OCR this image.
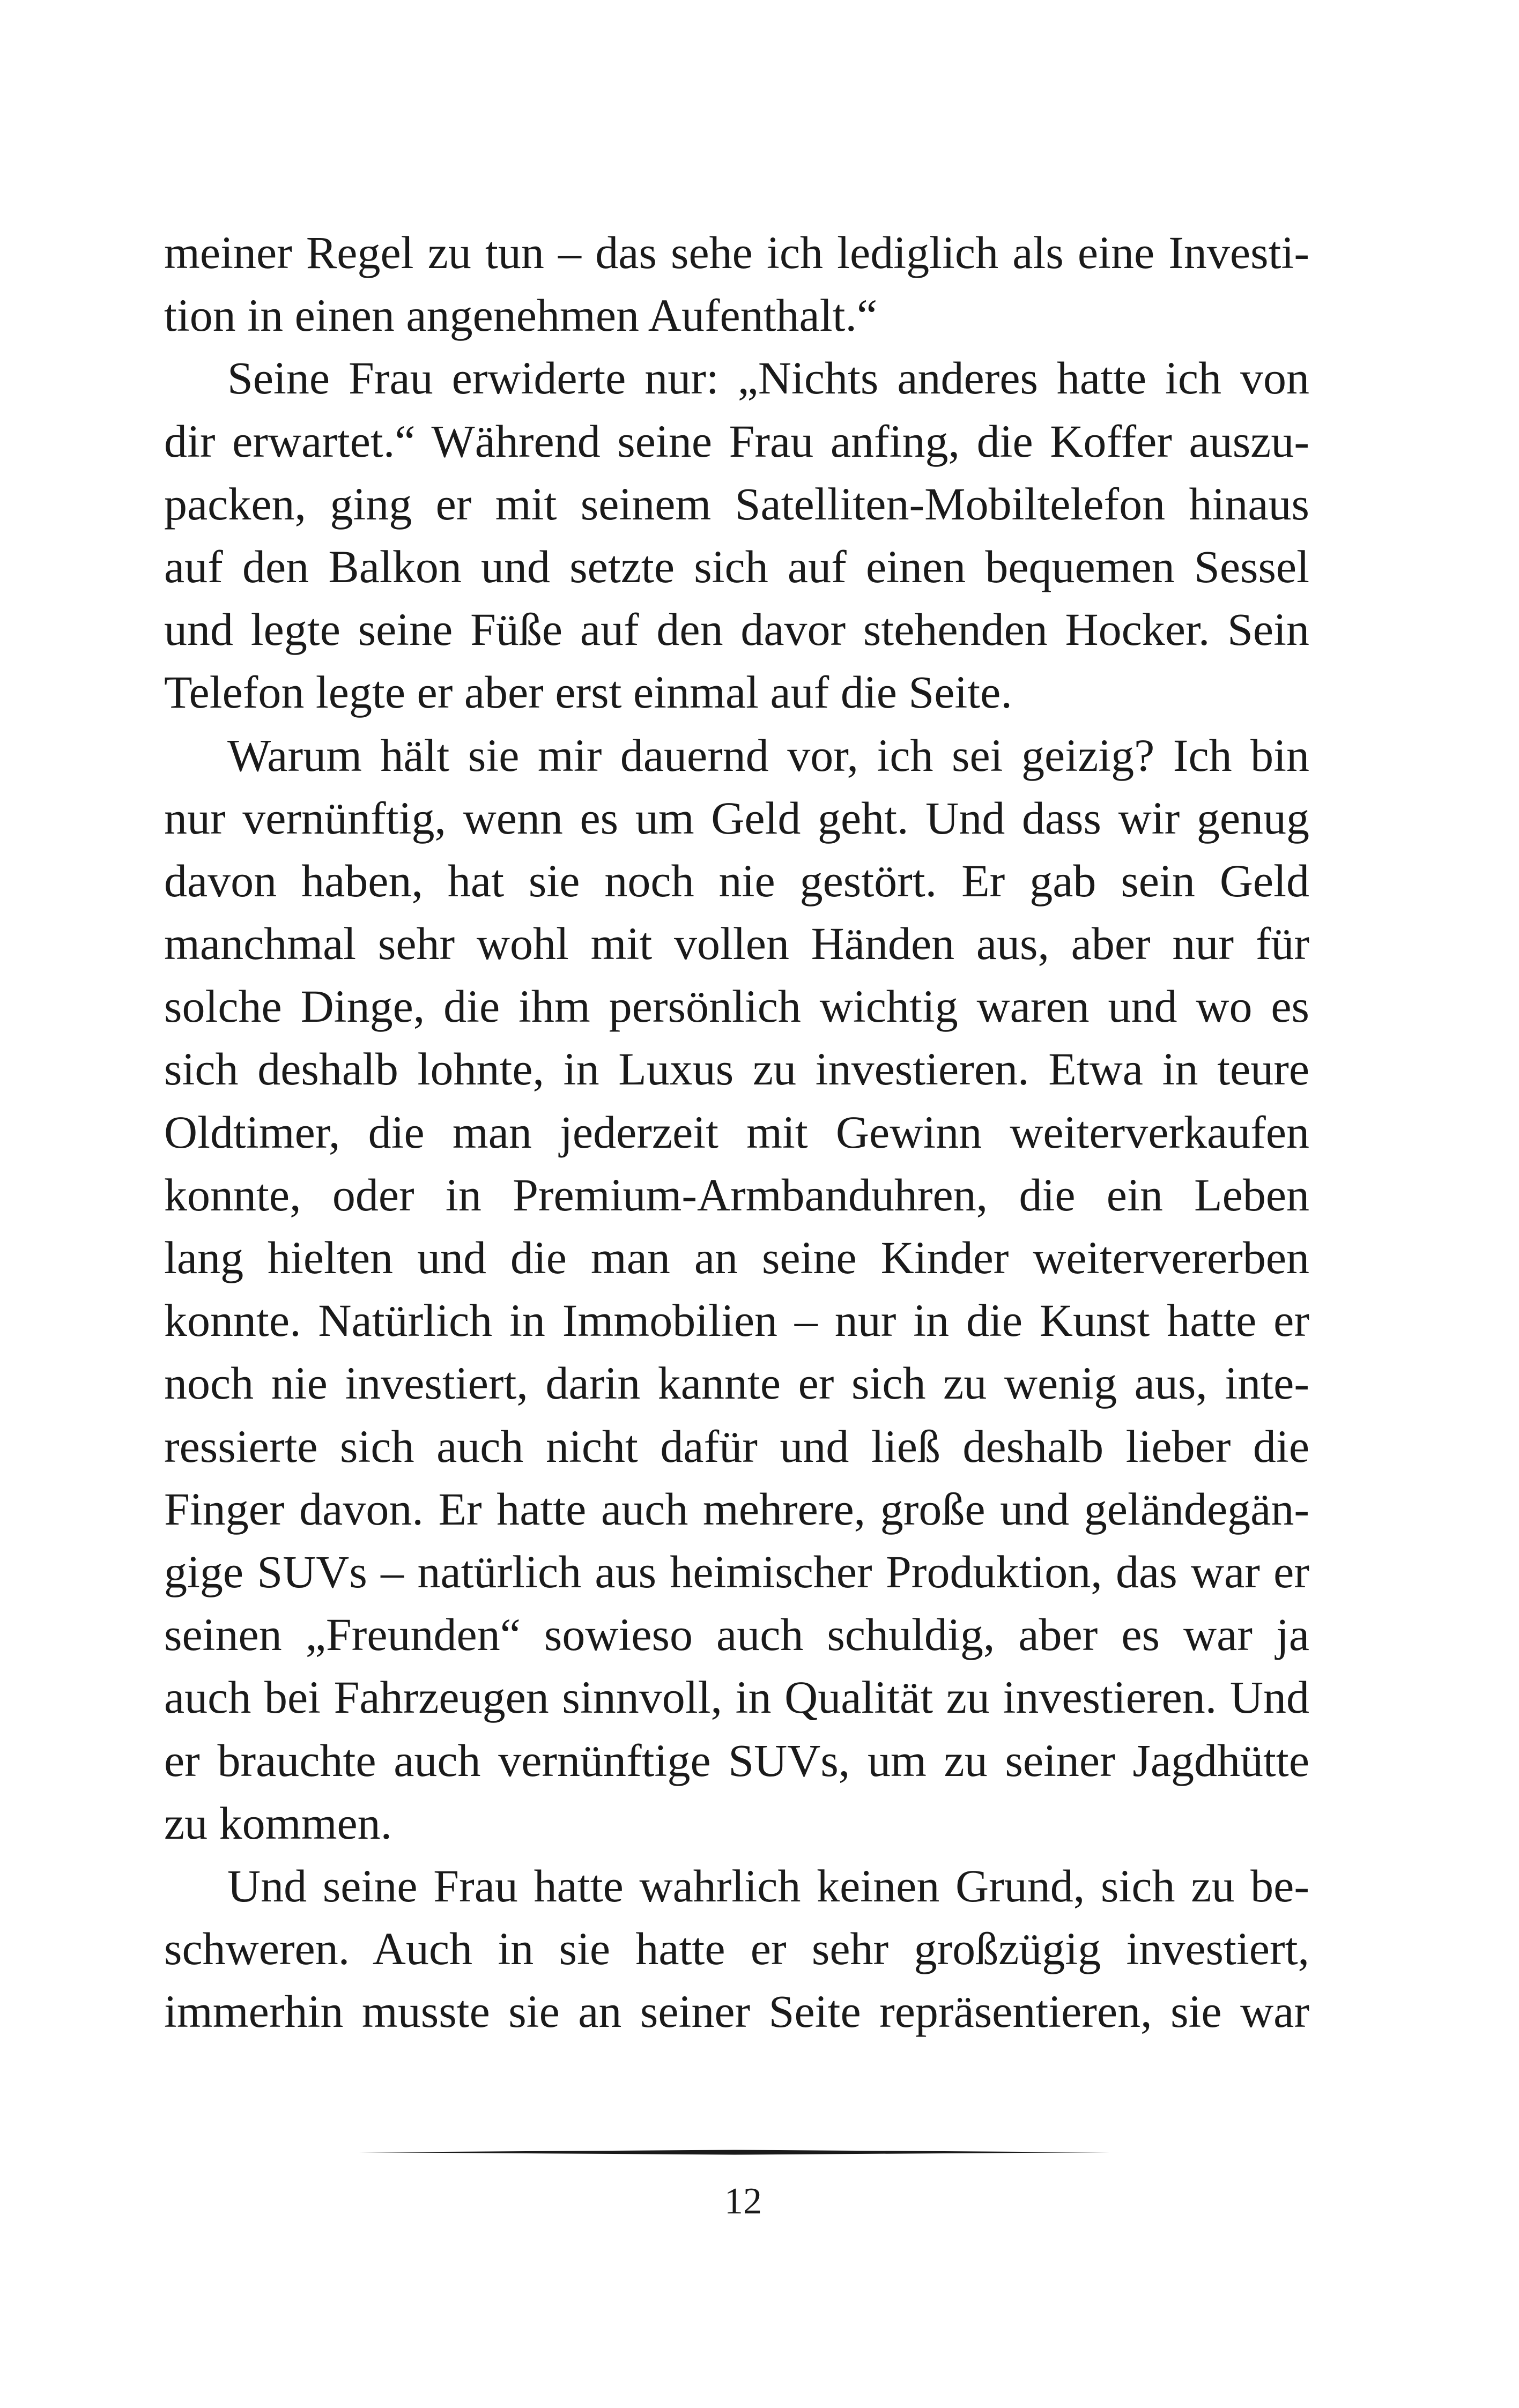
meiner Regel zu tun – das sehe ich lediglich als eine Investi-
tion in einen angenehmen Aufenthalt.“
Seine Frau erwiderte nur: „Nichts anderes hatte ich von
dir erwartet.“ Während seine Frau anfing, die Koffer auszu-
packen, ging er mit seinem Satelliten-Mobiltelefon hinaus
auf den Balkon und setzte sich auf einen bequemen Sessel
und legte seine Füße auf den davor stehenden Hocker. Sein
Telefon legte er aber erst einmal auf die Seite.
Warum hält sie mir dauernd vor, ich sei geizig? Ich bin
nur vernünftig, wenn es um Geld geht. Und dass wir genug
davon haben, hat sie noch nie gestört. Er gab sein Geld
manchmal sehr wohl mit vollen Händen aus, aber nur für
solche Dinge, die ihm persönlich wichtig waren und wo es
sich deshalb lohnte, in Luxus zu investieren. Etwa in teure
Oldtimer, die man jederzeit mit Gewinn weiterverkaufen
konnte, oder in Premium-Armbanduhren, die ein Leben
lang hielten und die man an seine Kinder weitervererben
konnte. Natürlich in Immobilien – nur in die Kunst hatte er
noch nie investiert, darin kannte er sich zu wenig aus, inte-
ressierte sich auch nicht dafür und ließ deshalb lieber die
Finger davon. Er hatte auch mehrere, große und geländegän-
gige SUVs – natürlich aus heimischer Produktion, das war er
seinen „Freunden“ sowieso auch schuldig, aber es war ja
auch bei Fahrzeugen sinnvoll, in Qualität zu investieren. Und
er brauchte auch vernünftige SUVs, um zu seiner Jagdhütte
zu kommen.
Und seine Frau hatte wahrlich keinen Grund, sich zu be-
schweren. Auch in sie hatte er sehr großzügig investiert,
immerhin musste sie an seiner Seite repräsentieren, sie war
12
